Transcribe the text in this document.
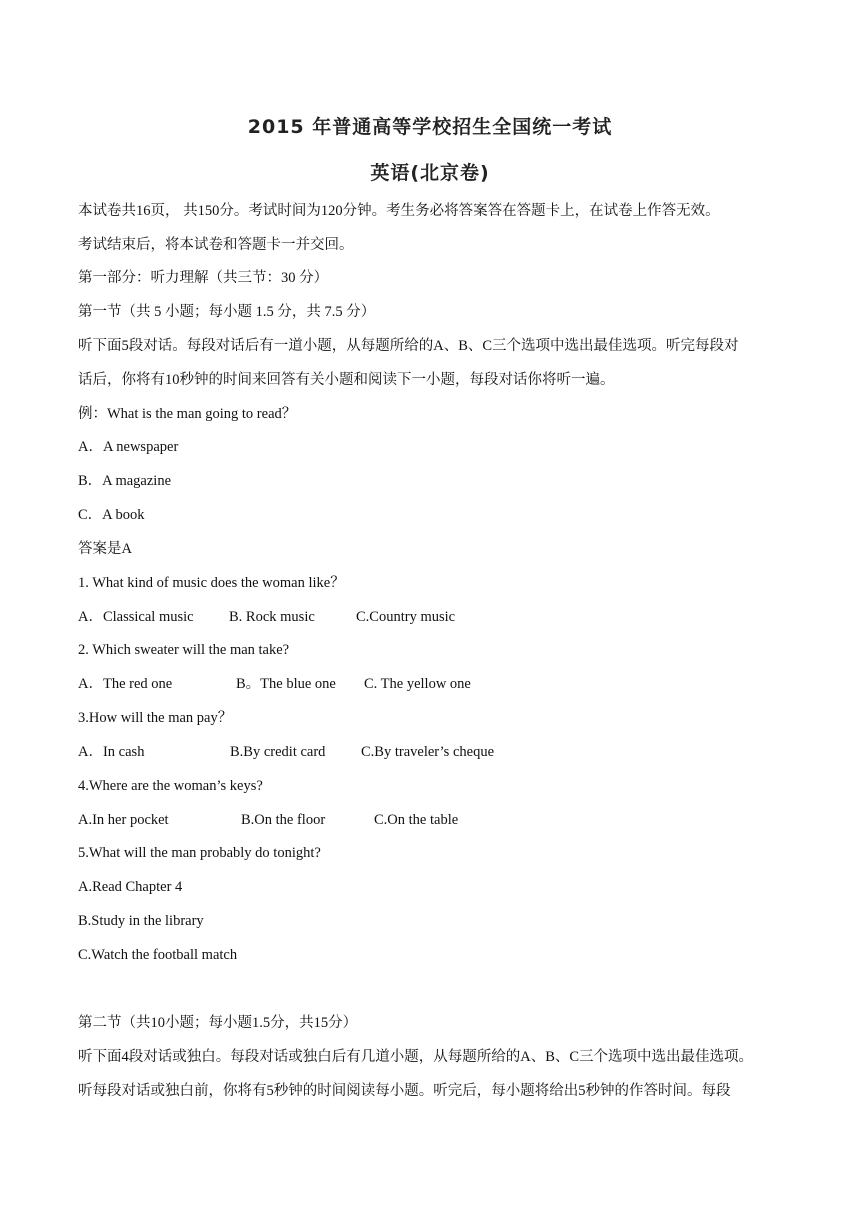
2015 年普通高等学校招生全国统一考试
英语(北京卷)
本试卷共16页， 共150分。考试时间为120分钟。考生务必将答案答在答题卡上，在试卷上作答无效。
考试结束后，将本试卷和答题卡一并交回。
第一部分：听力理解（共三节：30 分）
第一节（共 5 小题；每小题 1.5 分，共 7.5 分）
听下面5段对话。每段对话后有一道小题，从每题所给的A、B、C三个选项中选出最佳选项。听完每段对
话后，你将有10秒钟的时间来回答有关小题和阅读下一小题，每段对话你将听一遍。
例：What is the man going to read？
A．A newspaper
B．A magazine
C．A book
答案是A
1. What kind of music does the woman like？
A．Classical music B. Rock music	C.Country music
2. Which sweater will the man take?
A．The red one	B。The blue one C. The yellow one
3.How will the man pay？
A．In cash	B.By credit card C.By traveler’s cheque
4.Where are the woman’s keys?
A.In her pocket	B.On the floor	C.On the table
5.What will the man probably do tonight?
A.Read Chapter 4
B.Study in the library
C.Watch the football match
第二节（共10小题；每小题1.5分，共15分）
听下面4段对话或独白。每段对话或独白后有几道小题，从每题所给的A、B、C三个选项中选出最佳选项。
听每段对话或独白前，你将有5秒钟的时间阅读每小题。听完后，每小题将给出5秒钟的作答时间。每段
